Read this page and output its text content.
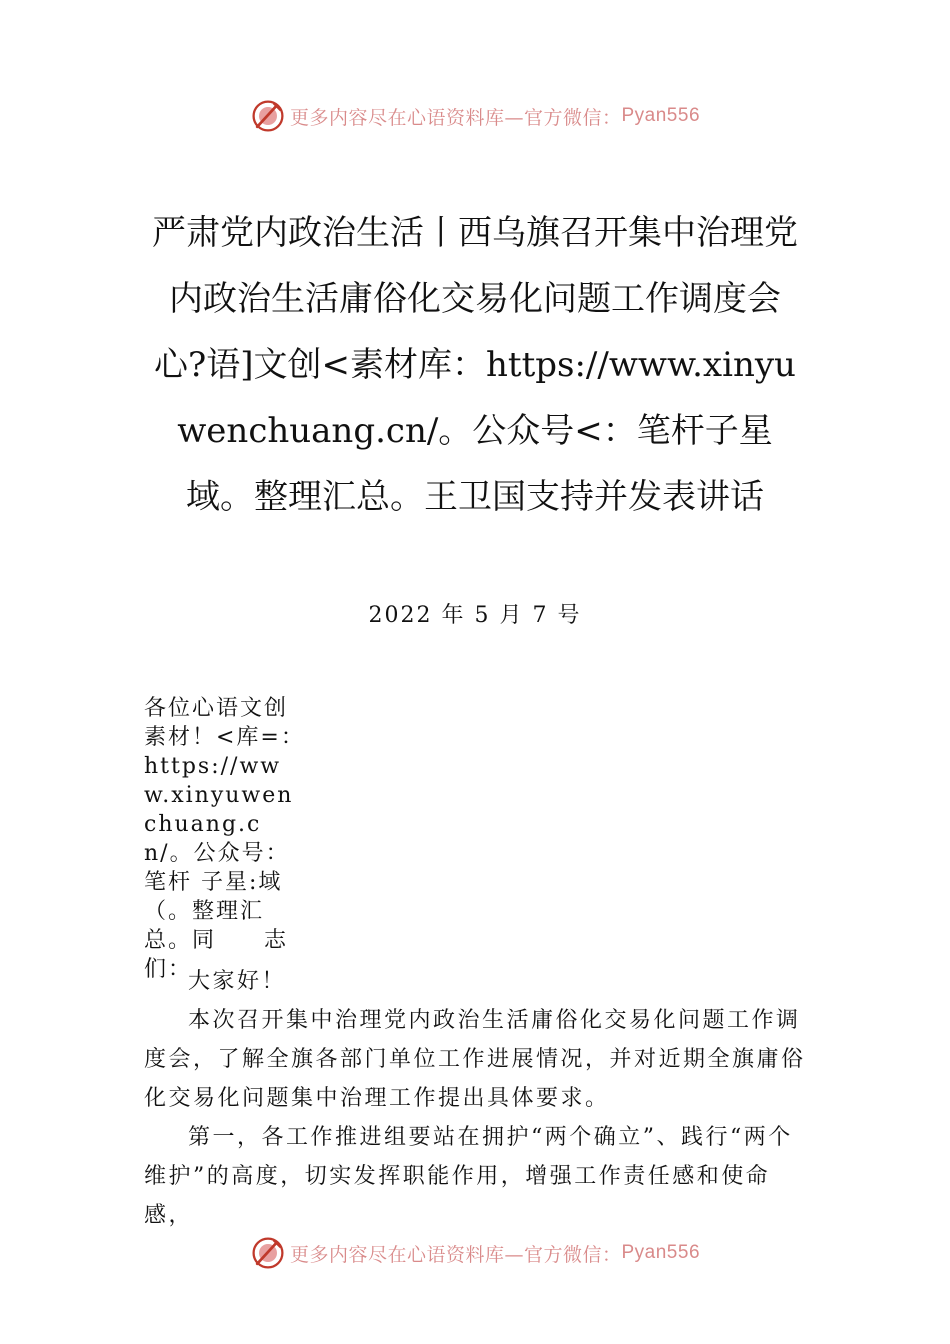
更多内容尽在心语资料库—官方微信： Pyan556
严肃党内政治生活丨西乌旗召开集中治理党内政治生活庸俗化交易化问题工作调度会　心?语]文创<素材库：https://www.xinyuwenchuang.cn/。公众号<：笔杆子星域。整理汇总。王卫国支持并发表讲话
2022 年 5 月 7 号
各位心语文创素材！<库=：　https://www.xinyuwenchuang.cn/。公众号：笔杆 子星:域（。整理汇总。同　　志们：

大家好！

本次召开集中治理党内政治生活庸俗化交易化问题工作调度会，了解全旗各部门单位工作进展情况，并对近期全旗庸俗化交易化问题集中治理工作提出具体要求。

第一，各工作推进组要站在拥护“两个确立”、践行“两个维护”的高度，切实发挥职能作用，增强工作责任感和使命感，

更多内容尽在心语资料库—官方微信： Pyan556
